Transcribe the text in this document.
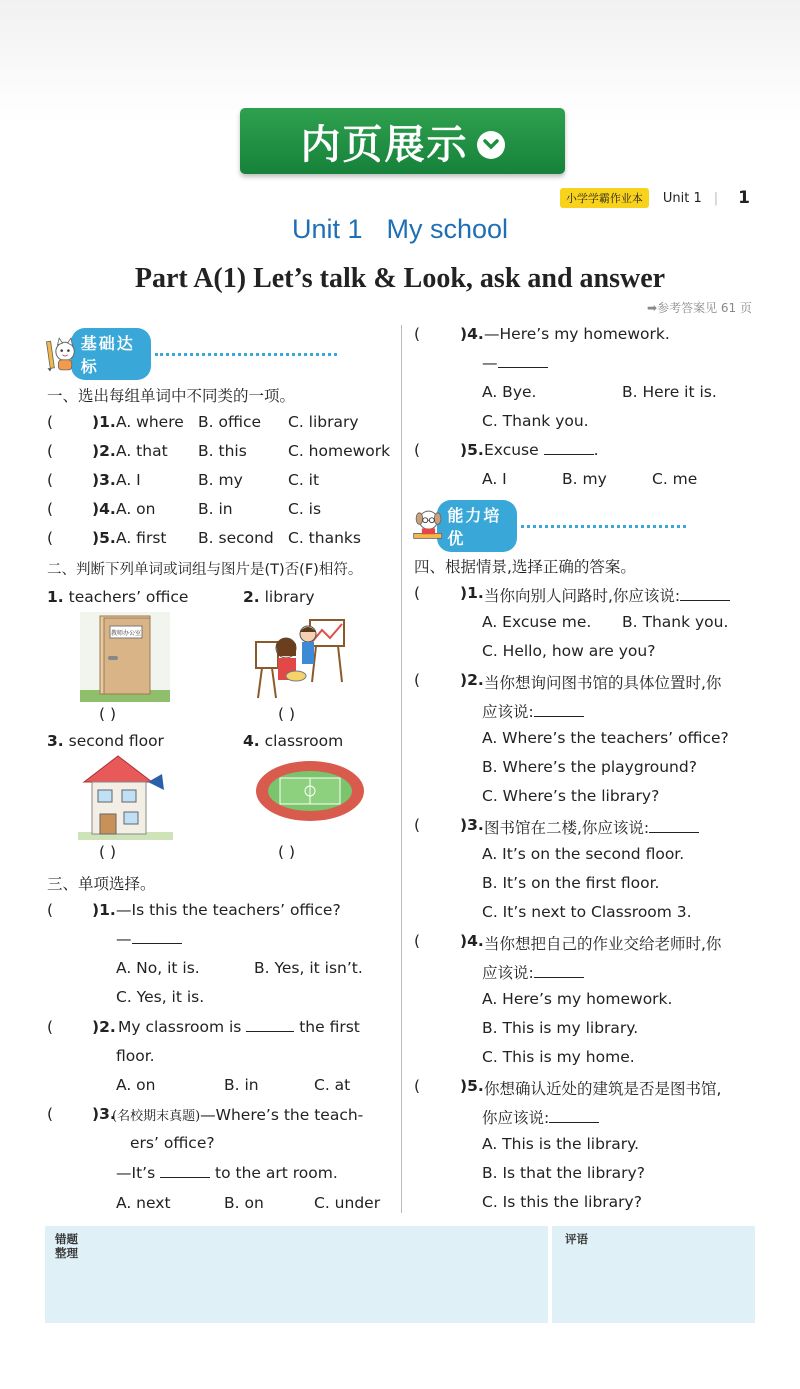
内页展示
小学学霸作业本	Unit 1 | 1
Unit 1 My school
Part A(1) Let’s talk & Look, ask and answer
➡参考答案见 61 页
基础达标
一、选出每组单词中不同类的一项。
(	)1. A. where B. office C. library
(	)2. A. that B. this	C. homework
(	)3. A. I	B. my	C. it
(	)4. A. on	B. in	C. is
(	)5. A. first B. second C. thanks
二、判断下列单词或词组与图片是(T)否(F)相符。
1. teachers’ office	2. library
教师办公室
( )	( )
3. second floor	4. classroom
( )	( )
三、单项选择。
(	)1. —Is this the teachers’ office?
—
A. No, it is.	B. Yes, it isn’t.
C. Yes, it is.
(	)2. My classroom is	the first
floor.
A. on	B. in	C. at
(	)3.
(名校期末真题)—Where’s the teach-
ers’ office?
—It’s	to the art room.
A. next	B. on	C. under
(	)4. —Here’s my homework.
—
A. Bye.	B. Here it is.
C. Thank you.
(	)5. Excuse	.
A. I	B. my	C. me
能力培优
四、根据情景,选择正确的答案。
(	)1. 当你向别人问路时,你应该说:
A. Excuse me. B. Thank you.
C. Hello, how are you?
(	)2. 当你想询问图书馆的具体位置时,你
应该说:
A. Where’s the teachers’ office?
B. Where’s the playground?
C. Where’s the library?
(	)3. 图书馆在二楼,你应该说:
A. It’s on the second floor.
B. It’s on the first floor.
C. It’s next to Classroom 3.
(	)4. 当你想把自己的作业交给老师时,你
应该说:
A. Here’s my homework.
B. This is my library.
C. This is my home.
(	)5. 你想确认近处的建筑是否是图书馆,
你应该说:
A. This is the library.
B. Is that the library?
C. Is this the library?
错题
整理
评语
